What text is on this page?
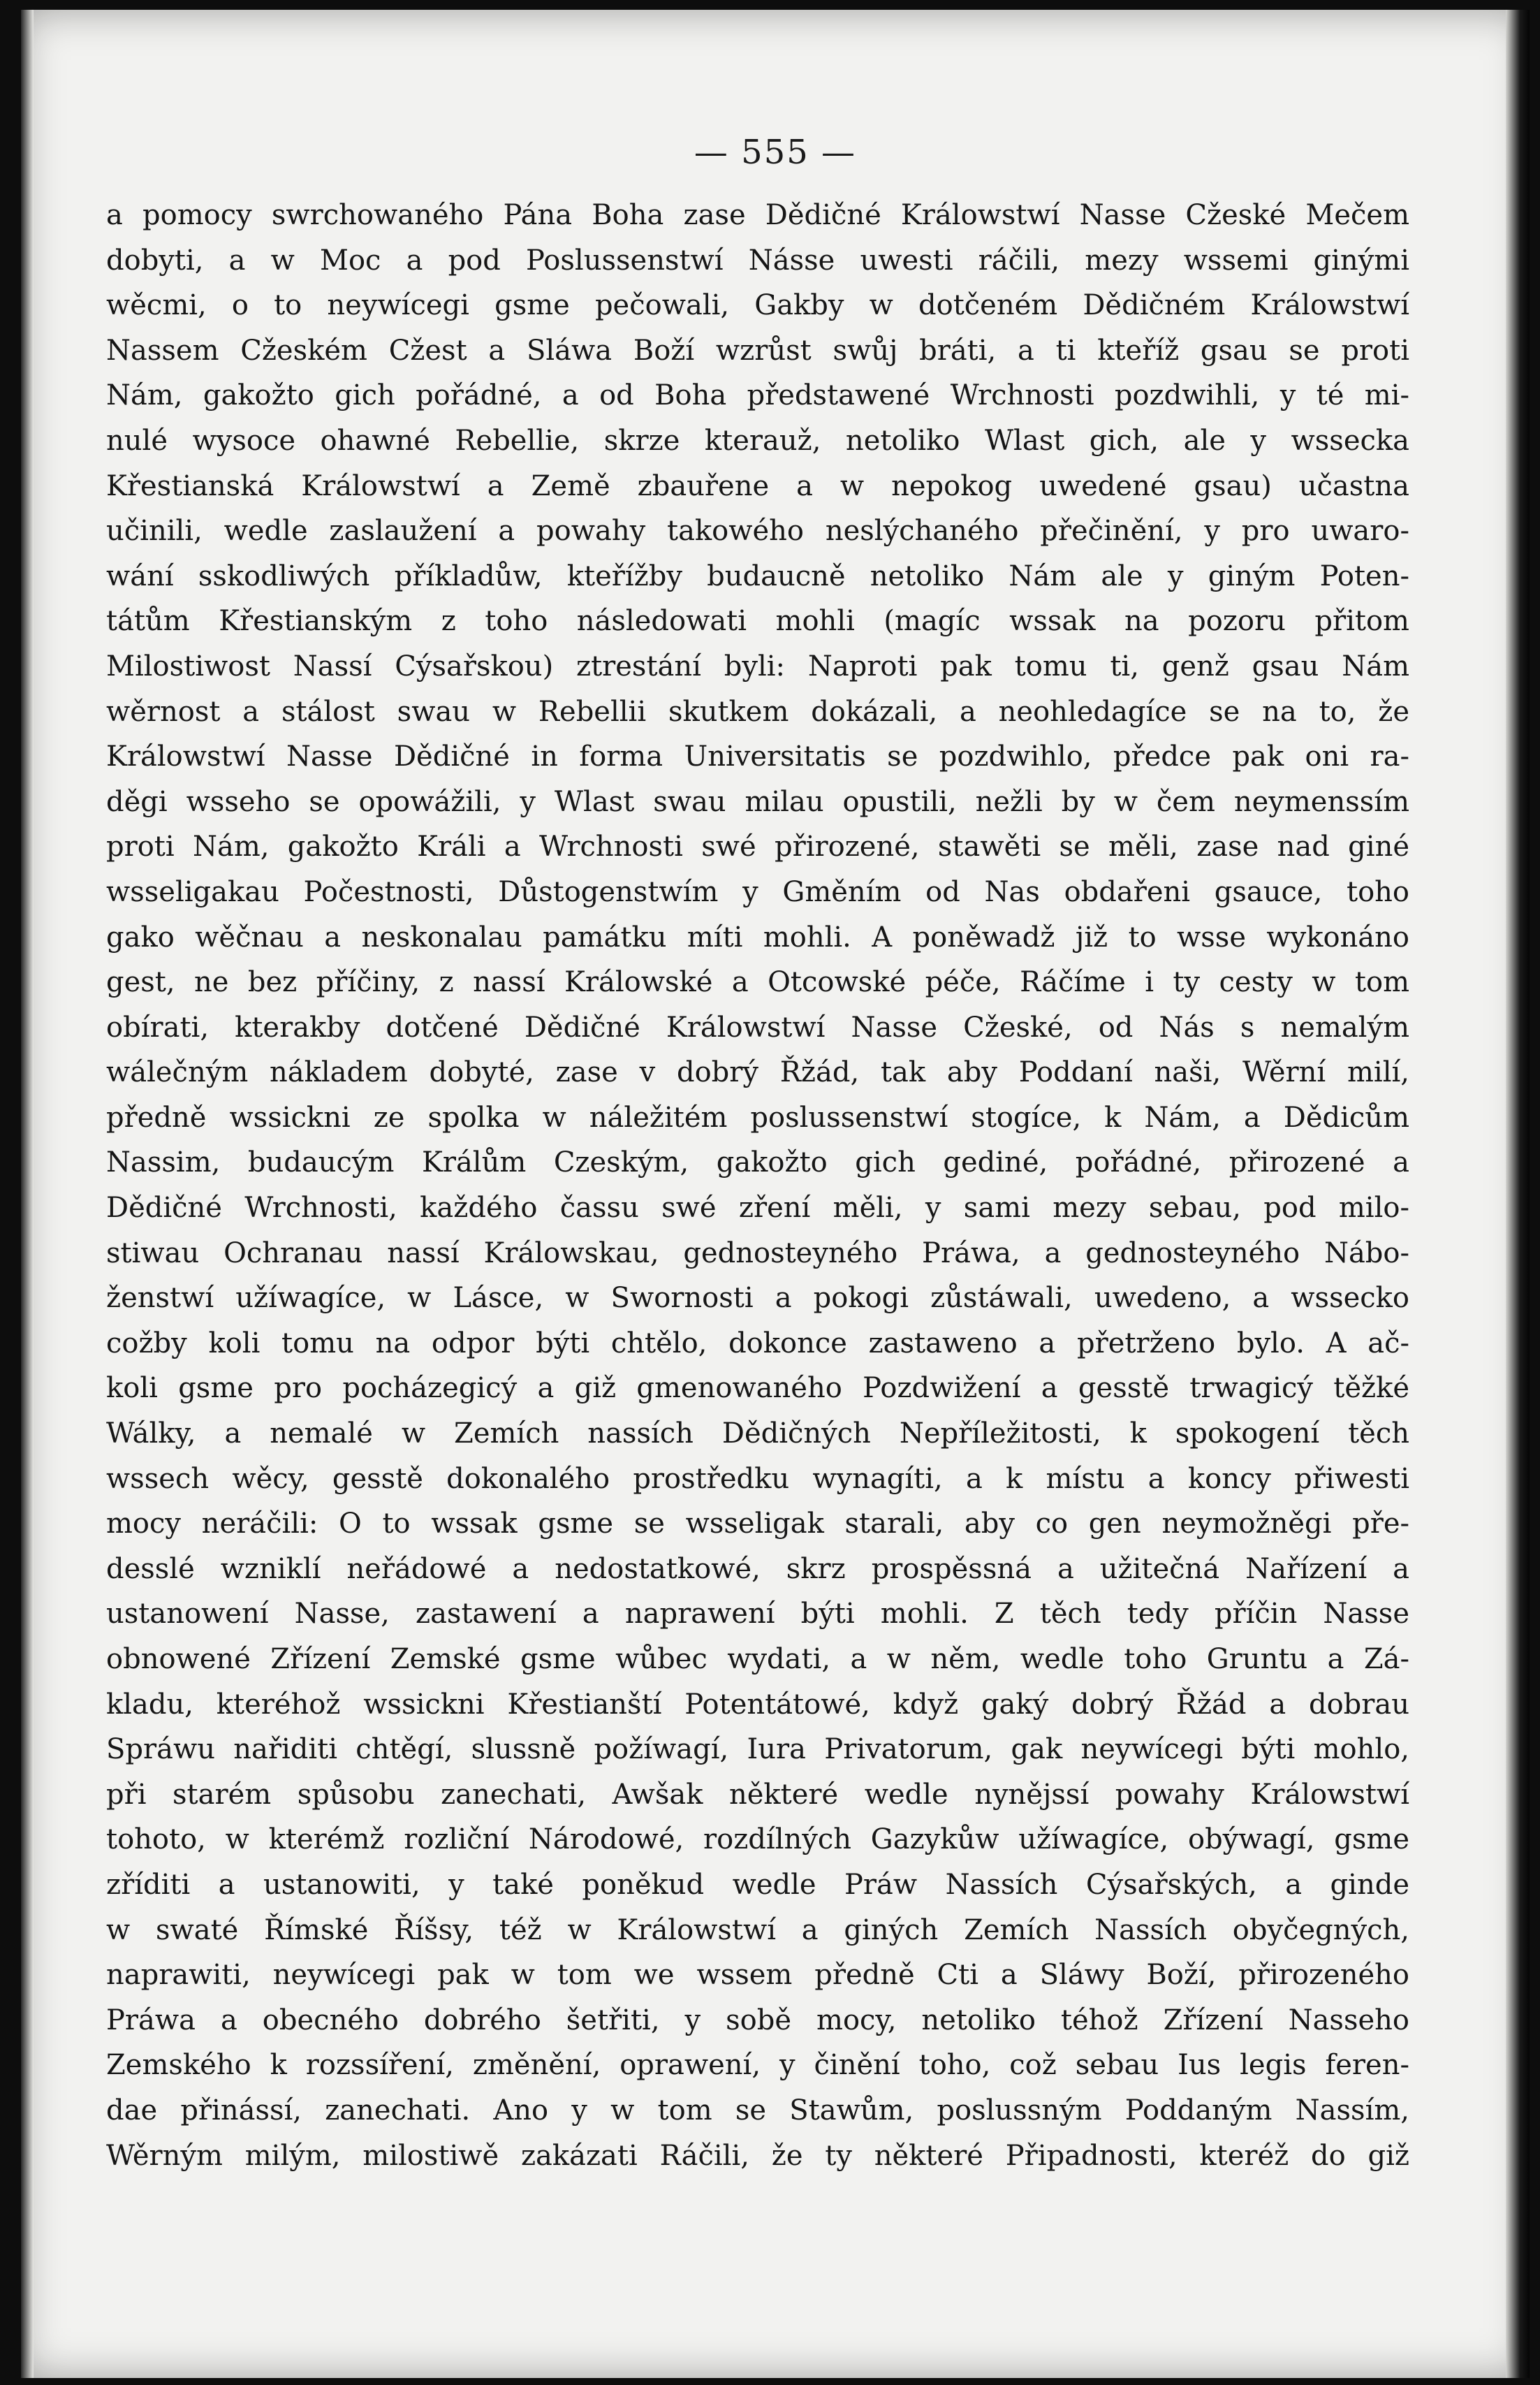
— 555 —
a pomocy swrchowaného Pána Boha zase Dědičné Králowstwí Nasse Cžeské Mečem
dobyti, a w Moc a pod Poslussenstwí Násse uwesti ráčili, mezy wssemi ginými
wěcmi, o to neywícegi gsme pečowali, Gakby w dotčeném Dědičném Králowstwí
Nassem Cžeském Cžest a Sláwa Boží wzrůst swůj bráti, a ti kteříž gsau se proti
Nám, gakožto gich pořádné, a od Boha předstawené Wrchnosti pozdwihli, y té mi-
nulé wysoce ohawné Rebellie, skrze kterauž, netoliko Wlast gich, ale y wssecka
Křestianská Králowstwí a Země zbauřene a w nepokog uwedené gsau) učastna
učinili, wedle zaslaužení a powahy takowého neslýchaného přečinění, y pro uwaro-
wání sskodliwých příkladůw, kteřížby budaucně netoliko Nám ale y giným Poten-
tátům Křestianským z toho následowati mohli (magíc wssak na pozoru přitom
Milostiwost Nassí Cýsařskou) ztrestání byli: Naproti pak tomu ti, genž gsau Nám
wěrnost a stálost swau w Rebellii skutkem dokázali, a neohledagíce se na to, že
Králowstwí Nasse Dědičné in forma Universitatis se pozdwihlo, předce pak oni ra-
děgi wsseho se opowážili, y Wlast swau milau opustili, nežli by w čem neymenssím
proti Nám, gakožto Králi a Wrchnosti swé přirozené, stawěti se měli, zase nad giné
wsseligakau Počestnosti, Důstogenstwím y Gměním od Nas obdařeni gsauce, toho
gako wěčnau a neskonalau památku míti mohli. A poněwadž již to wsse wykonáno
gest, ne bez příčiny, z nassí Králowské a Otcowské péče, Ráčíme i ty cesty w tom
obírati, kterakby dotčené Dědičné Králowstwí Nasse Cžeské, od Nás s nemalým
wálečným nákladem dobyté, zase v dobrý Řžád, tak aby Poddaní naši, Wěrní milí,
předně wssickni ze spolka w náležitém poslussenstwí stogíce, k Nám, a Dědicům
Nassim, budaucým Králům Czeským, gakožto gich gediné, pořádné, přirozené a
Dědičné Wrchnosti, každého čassu swé zření měli, y sami mezy sebau, pod milo-
stiwau Ochranau nassí Králowskau, gednosteyného Práwa, a gednosteyného Nábo-
ženstwí užíwagíce, w Lásce, w Swornosti a pokogi zůstáwali, uwedeno, a wssecko
cožby koli tomu na odpor býti chtělo, dokonce zastaweno a přetrženo bylo. A ač-
koli gsme pro pocházegicý a giž gmenowaného Pozdwižení a gesstě trwagicý těžké
Wálky, a nemalé w Zemích nassích Dědičných Nepříležitosti, k spokogení těch
wssech wěcy, gesstě dokonalého prostředku wynagíti, a k místu a koncy přiwesti
mocy neráčili: O to wssak gsme se wsseligak starali, aby co gen neymožněgi pře-
desslé wzniklí neřádowé a nedostatkowé, skrz prospěssná a užitečná Nařízení a
ustanowení Nasse, zastawení a naprawení býti mohli. Z těch tedy příčin Nasse
obnowené Zřízení Zemské gsme wůbec wydati, a w něm, wedle toho Gruntu a Zá-
kladu, kteréhož wssickni Křestianští Potentátowé, když gaký dobrý Řžád a dobrau
Spráwu nařiditi chtěgí, slussně požíwagí, Iura Privatorum, gak neywícegi býti mohlo,
při starém spůsobu zanechati, Awšak některé wedle nynějssí powahy Králowstwí
tohoto, w kterémž rozliční Národowé, rozdílných Gazykůw užíwagíce, obýwagí, gsme
zříditi a ustanowiti, y také poněkud wedle Práw Nassích Cýsařských, a ginde
w swaté Římské Říšsy, též w Králowstwí a giných Zemích Nassích obyčegných,
naprawiti, neywícegi pak w tom we wssem předně Cti a Sláwy Boží, přirozeného
Práwa a obecného dobrého šetřiti, y sobě mocy, netoliko téhož Zřízení Nasseho
Zemského k rozssíření, změnění, oprawení, y činění toho, což sebau Ius legis feren-
dae přinássí, zanechati. Ano y w tom se Stawům, poslussným Poddaným Nassím,
Wěrným milým, milostiwě zakázati Ráčili, že ty některé Připadnosti, kteréž do giž
